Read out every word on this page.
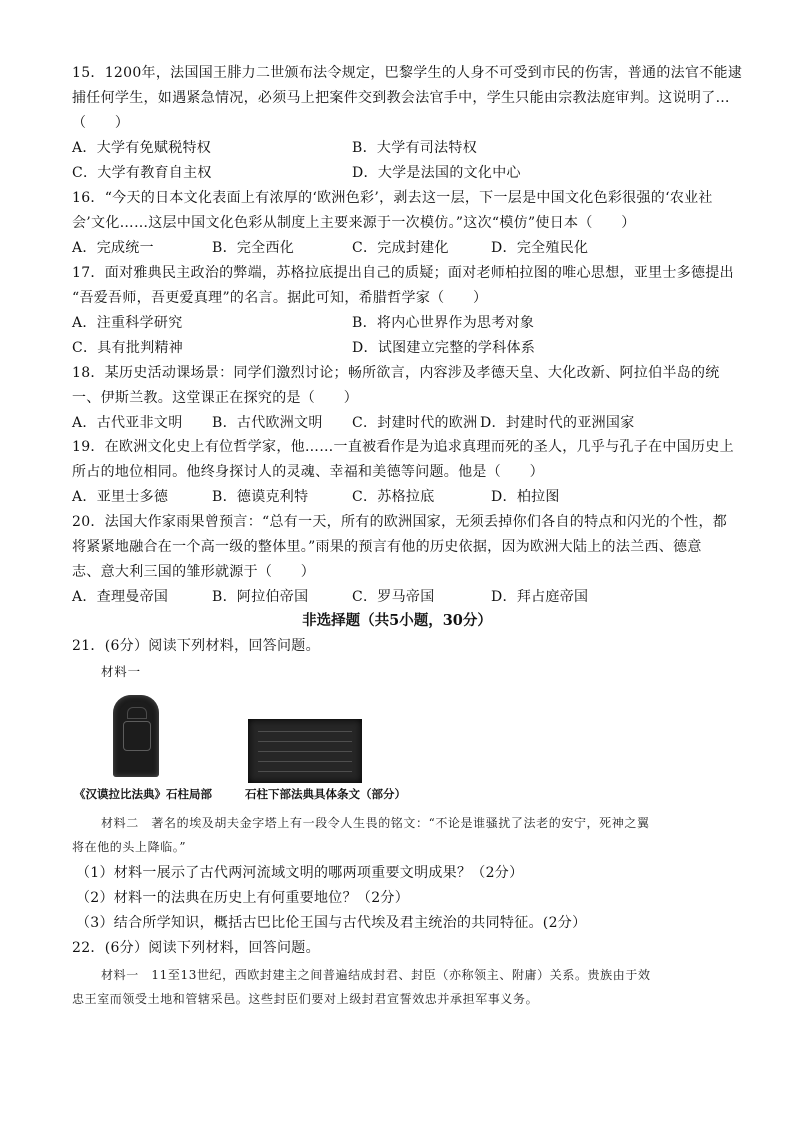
15．1200年，法国国王腓力二世颁布法令规定，巴黎学生的人身不可受到市民的伤害，普通的法官不能逮
捕任何学生，如遇紧急情况，必须马上把案件交到教会法官手中，学生只能由宗教法庭审判。这说明了…
（　　）
A．大学有免赋税特权	B．大学有司法特权
C．大学有教育自主权	D．大学是法国的文化中心
16．“今天的日本文化表面上有浓厚的‘欧洲色彩’，剥去这一层，下一层是中国文化色彩很强的‘农业社
会’文化……这层中国文化色彩从制度上主要来源于一次模仿。”这次“模仿”使日本（　　）
A．完成统一	B．完全西化	C．完成封建化	D．完全殖民化
17．面对雅典民主政治的弊端，苏格拉底提出自己的质疑；面对老师柏拉图的唯心思想，亚里士多德提出
“吾爱吾师，吾更爱真理”的名言。据此可知，希腊哲学家（　　）
A．注重科学研究	B．将内心世界作为思考对象
C．具有批判精神	D．试图建立完整的学科体系
18．某历史活动课场景：同学们激烈讨论；畅所欲言，内容涉及孝德天皇、大化改新、阿拉伯半岛的统
一、伊斯兰教。这堂课正在探究的是（　　）
A．古代亚非文明 B．古代欧洲文明 C．封建时代的欧洲 D．封建时代的亚洲国家
19．在欧洲文化史上有位哲学家，他……一直被看作是为追求真理而死的圣人，几乎与孔子在中国历史上
所占的地位相同。他终身探讨人的灵魂、幸福和美德等问题。他是（　　）
A．亚里士多德	B．德谟克利特	C．苏格拉底	D．柏拉图
20．法国大作家雨果曾预言：“总有一天，所有的欧洲国家，无须丢掉你们各自的特点和闪光的个性，都
将紧紧地融合在一个高一级的整体里。”雨果的预言有他的历史依据，因为欧洲大陆上的法兰西、德意
志、意大利三国的雏形就源于（　　）
A．查理曼帝国	B．阿拉伯帝国	C．罗马帝国	D．拜占庭帝国
非选择题（共5小题，30分）
21．(6分）阅读下列材料，回答问题。
材料一
《汉谟拉比法典》石柱局部	石柱下部法典具体条文（部分）
材料二　著名的埃及胡夫金字塔上有一段令人生畏的铭文：“不论是谁骚扰了法老的安宁，死神之翼
将在他的头上降临。”
（1）材料一展示了古代两河流域文明的哪两项重要文明成果？（2分）
（2）材料一的法典在历史上有何重要地位？（2分）
（3）结合所学知识，概括古巴比伦王国与古代埃及君主统治的共同特征。(2分）
22．(6分）阅读下列材料，回答问题。
材料一　11至13世纪，西欧封建主之间普遍结成封君、封臣（亦称领主、附庸）关系。贵族由于效
忠王室而领受土地和管辖采邑。这些封臣们要对上级封君宣誓效忠并承担军事义务。
